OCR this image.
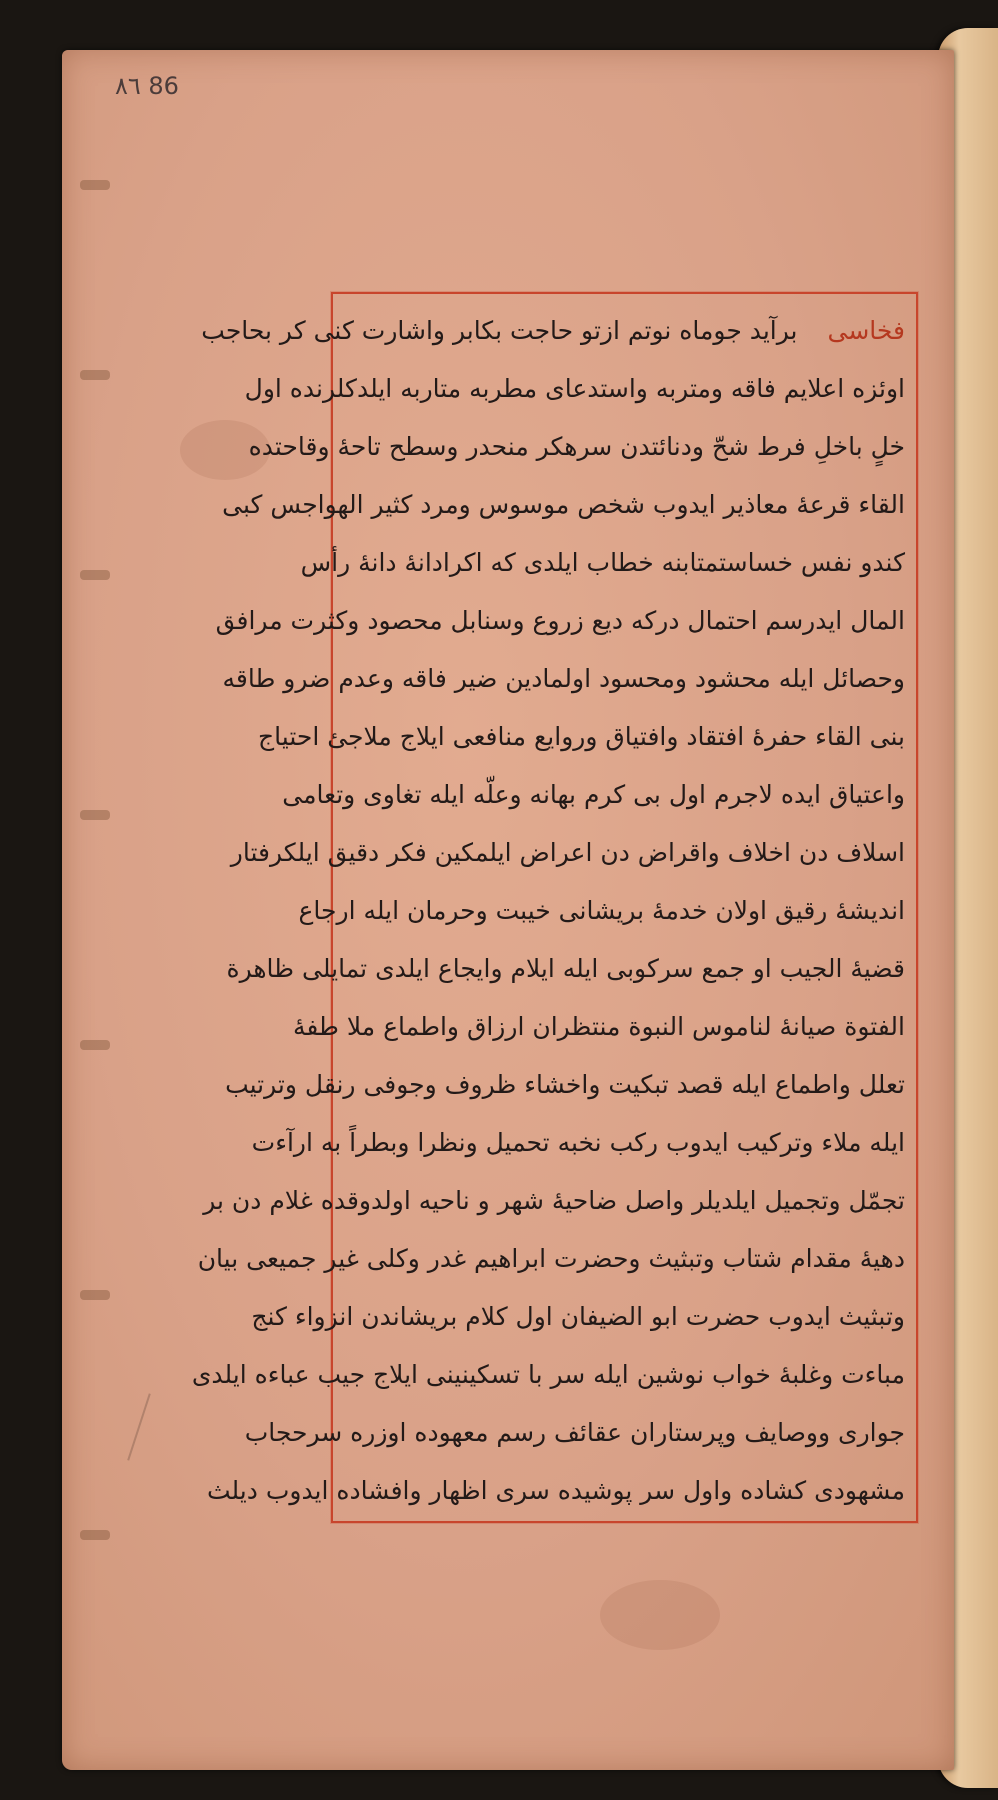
٨٦ 86
فخاسیبرآید جوماه نوتم ازتو حاجت بکابر واشارت کنی کر بحاجب
اوئزه اعلایم فاقه ومتربه واستدعای مطربه متاربه ایلدکلرنده اول
خلٍ باخلِ فرط شحّ ودنائتدن سرهکر منحدر وسطح تاحهٔ وقاحتده
القاء قرعهٔ معاذیر ایدوب شخص موسوس ومرد کثیر الهواجس کبی
کندو نفس خساستمتابنه خطاب ایلدی که اکرادانهٔ دانهٔ رأس
المال ایدرسم احتمال درکه دیع زروع وسنابل محصود وکثرت مرافق
وحصائل ایله محشود ومحسود اولمادین ضیر فاقه وعدم ضرو طاقه
بنی القاء حفرهٔ افتقاد وافتیاق وروایع منافعی ایلاج ملاجئ احتیاج
واعتیاق ایده لاجرم اول بی کرم بهانه وعلّه ایله تغاوی وتعامی
اسلاف دن اخلاف واقراض دن اعراض ایلمکین فکر دقیق ایلکرفتار
اندیشهٔ رقیق اولان خدمهٔ بریشانی خیبت وحرمان ایله ارجاع
قضیهٔ الجیب او جمع سرکوبی ایله ایلام وایجاع ایلدی تمایلی ظاهرة
الفتوة صیانهٔ لناموس النبوة منتظران ارزاق واطماع ملا طفهٔ
تعلل واطماع ایله قصد تبکیت واخشاء ظروف وجوفی رنقل وترتیب
ایله ملاء وترکیب ایدوب رکب نخبه تحمیل ونظرا وبطراً به ارآءت
تجمّل وتجمیل ایلدیلر واصل ضاحیهٔ شهر و ناحیه اولدوقده غلام دن بر
دهیهٔ مقدام شتاب وتبثیث وحضرت ابراهیم غدر وکلی غیر جمیعی بیان
وتبثیث ایدوب حضرت ابو الضیفان اول کلام بریشاندن انزواء کنج
مباءت وغلبهٔ خواب نوشین ایله سر با تسکینینی ایلاج جیب عباءه ایلدی
جواری ووصایف وپرستاران عقائف رسم معهوده اوزره سرحجاب
مشهودی کشاده واول سر پوشیده سری اظهار وافشاده ایدوب دیلث
